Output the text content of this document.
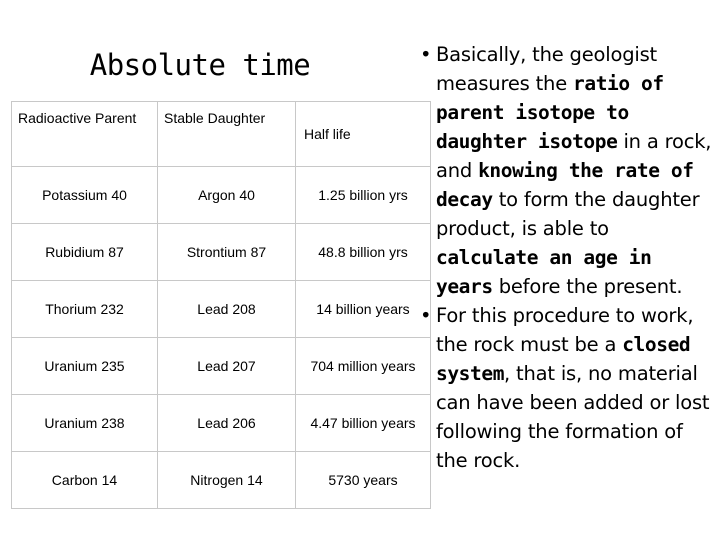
Absolute time
Radioactive Parent	Stable Daughter	Half life
Potassium 40	Argon 40	1.25 billion yrs
Rubidium 87	Strontium 87	48.8 billion yrs
Thorium 232	Lead 208	14 billion years
Uranium 235	Lead 207	704 million years
Uranium 238	Lead 206	4.47 billion years
Carbon 14	Nitrogen 14	5730 years
• Basically, the geologist measures the ratio of parent isotope to daughter isotope in a rock, and knowing the rate of decay to form the daughter product, is able to calculate an age in years before the present.
• For this procedure to work, the rock must be a closed system, that is, no material can have been added or lost following the formation of the rock.
